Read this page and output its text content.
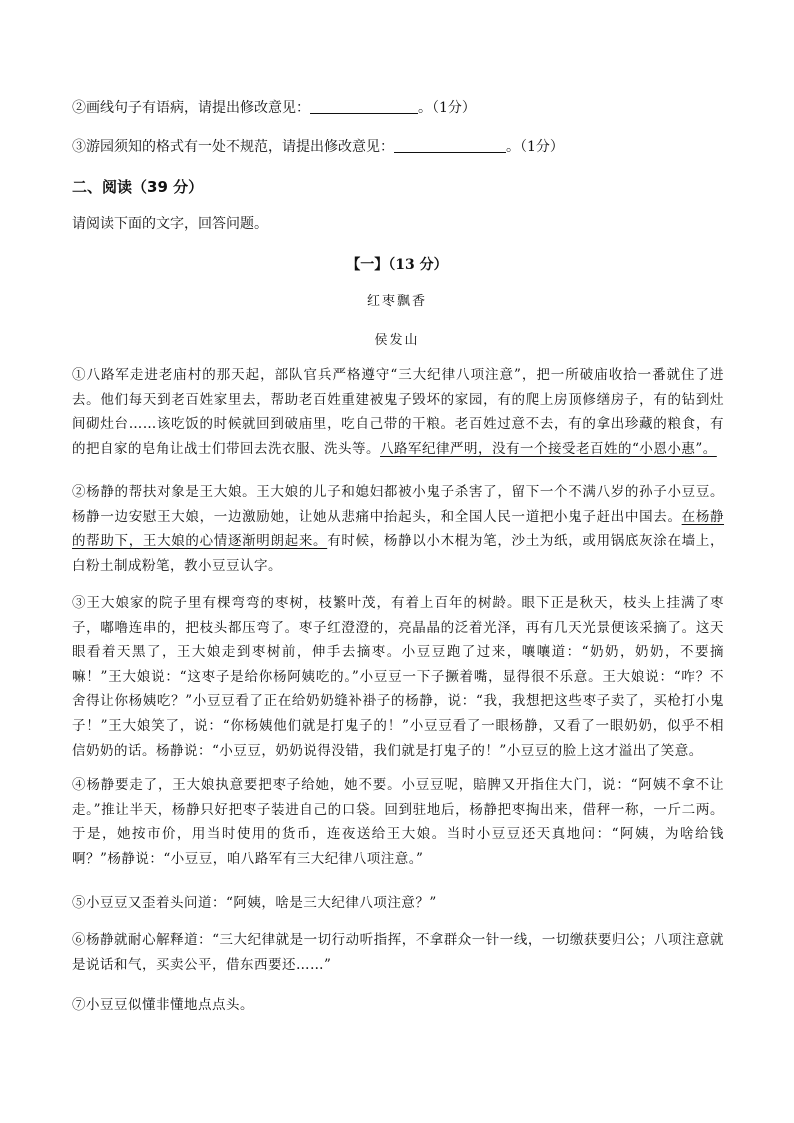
②画线句子有语病，请提出修改意见：	。（1分）
③游园须知的格式有一处不规范，请提出修改意见：	。（1分）
二、阅读（39 分）
请阅读下面的文字，回答问题。
【一】（13 分）
红枣飘香
侯发山

①八路军走进老庙村的那天起，部队官兵严格遵守“三大纪律八项注意”，把一所破庙收拾一番就住了进去。他们每天到老百姓家里去，帮助老百姓重建被鬼子毁坏的家园，有的爬上房顶修缮房子，有的钻到灶间砌灶台……该吃饭的时候就回到破庙里，吃自己带的干粮。老百姓过意不去，有的拿出珍藏的粮食，有的把自家的皂角让战士们带回去洗衣服、洗头等。八路军纪律严明，没有一个接受老百姓的“小恩小惠”。

②杨静的帮扶对象是王大娘。王大娘的儿子和媳妇都被小鬼子杀害了，留下一个不满八岁的孙子小豆豆。杨静一边安慰王大娘，一边激励她，让她从悲痛中抬起头，和全国人民一道把小鬼子赶出中国去。在杨静的帮助下，王大娘的心情逐渐明朗起来。有时候，杨静以小木棍为笔，沙土为纸，或用锅底灰涂在墙上，白粉土制成粉笔，教小豆豆认字。

③王大娘家的院子里有棵弯弯的枣树，枝繁叶茂，有着上百年的树龄。眼下正是秋天，枝头上挂满了枣子，嘟噜连串的，把枝头都压弯了。枣子红澄澄的，亮晶晶的泛着光泽，再有几天光景便该采摘了。这天眼看着天黑了，王大娘走到枣树前，伸手去摘枣。小豆豆跑了过来，嚷嚷道：“奶奶，奶奶，不要摘嘛！”王大娘说：“这枣子是给你杨阿姨吃的。”小豆豆一下子撅着嘴，显得很不乐意。王大娘说：“咋？不舍得让你杨姨吃？”小豆豆看了正在给奶奶缝补褂子的杨静，说：“我，我想把这些枣子卖了，买枪打小鬼子！”王大娘笑了，说：“你杨姨他们就是打鬼子的！”小豆豆看了一眼杨静，又看了一眼奶奶，似乎不相信奶奶的话。杨静说：“小豆豆，奶奶说得没错，我们就是打鬼子的！”小豆豆的脸上这才溢出了笑意。

④杨静要走了，王大娘执意要把枣子给她，她不要。小豆豆呢，賠脾又开指住大门，说：“阿姨不拿不让走。”推让半天，杨静只好把枣子装进自己的口袋。回到驻地后，杨静把枣掏出来，借秤一称，一斤二两。于是，她按市价，用当时使用的货币，连夜送给王大娘。当时小豆豆还天真地问：“阿姨，为啥给钱啊？”杨静说：“小豆豆，咱八路军有三大纪律八项注意。”

⑤小豆豆又歪着头问道：“阿姨，啥是三大纪律八项注意？”

⑥杨静就耐心解释道：“三大纪律就是一切行动听指挥，不拿群众一针一线，一切缴获要归公；八项注意就是说话和气，买卖公平，借东西要还……”

⑦小豆豆似懂非懂地点点头。
